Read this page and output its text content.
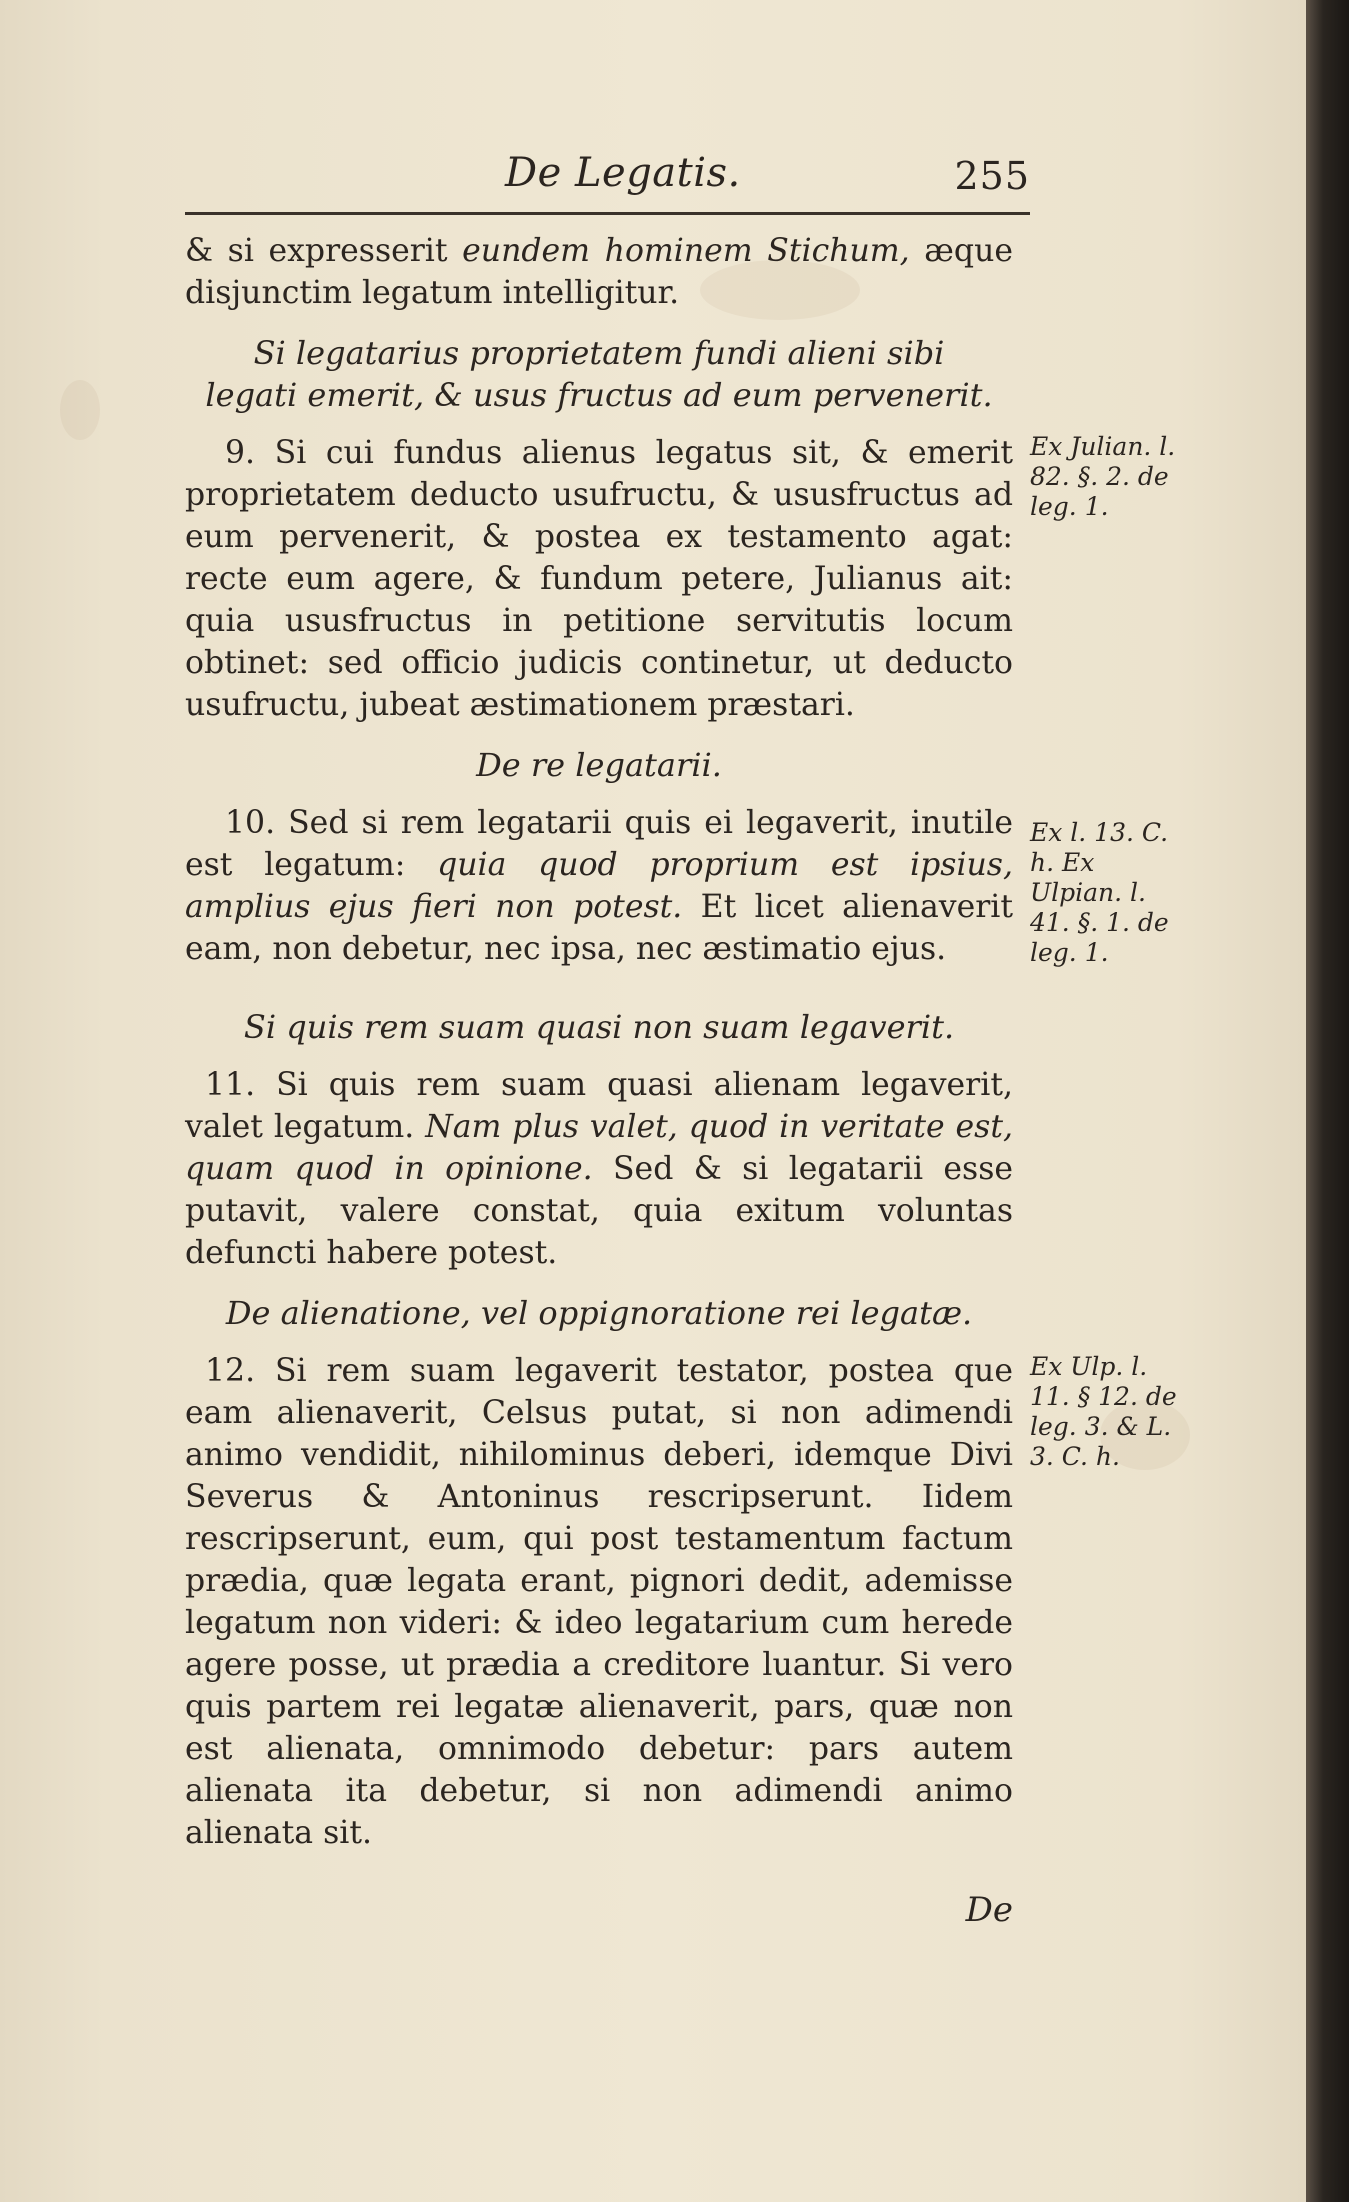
De Legatis.	255

& si expresserit eundem hominem Stichum, æque disjunctim legatum intelligitur.

Si legatarius proprietatem fundi alieni sibi legati emerit, & usus fructus ad eum pervenerit.

9. Si cui fundus alienus legatus sit, & emerit proprietatem deducto usufructu, & ususfructus ad eum pervenerit, & postea ex testamento agat: recte eum agere, & fundum petere, Julianus ait: quia ususfructus in petitione servitutis locum obtinet: sed officio judicis continetur, ut deducto usufructu, jubeat æstimationem præstari.

De re legatarii.

10. Sed si rem legatarii quis ei legaverit, inutile est legatum: quia quod proprium est ipsius, amplius ejus fieri non potest. Et licet alienaverit eam, non debetur, nec ipsa, nec æstimatio ejus.

Si quis rem suam quasi non suam legaverit.

11. Si quis rem suam quasi alienam legaverit, valet legatum. Nam plus valet, quod in veritate est, quam quod in opinione. Sed & si legatarii esse putavit, valere constat, quia exitum voluntas defuncti habere potest.

De alienatione, vel oppignoratione rei legatæ.

12. Si rem suam legaverit testator, postea que eam alienaverit, Celsus putat, si non adimendi animo vendidit, nihilominus deberi, idemque Divi Severus & Antoninus rescripserunt. Iidem rescripserunt, eum, qui post testamentum factum prædia, quæ legata erant, pignori dedit, ademisse legatum non videri: & ideo legatarium cum herede agere posse, ut prædia a creditore luantur. Si vero quis partem rei legatæ alienaverit, pars, quæ non est alienata, omnimodo debetur: pars autem alienata ita debetur, si non adimendi animo alienata sit.

Ex Julian. l. 82. §. 2. de leg. 1.
Ex l. 13. C. h. Ex Ulpian. l. 41. §. 1. de leg. 1.
Ex Ulp. l. 11. § 12. de leg. 3. & L. 3. C. h.
De
